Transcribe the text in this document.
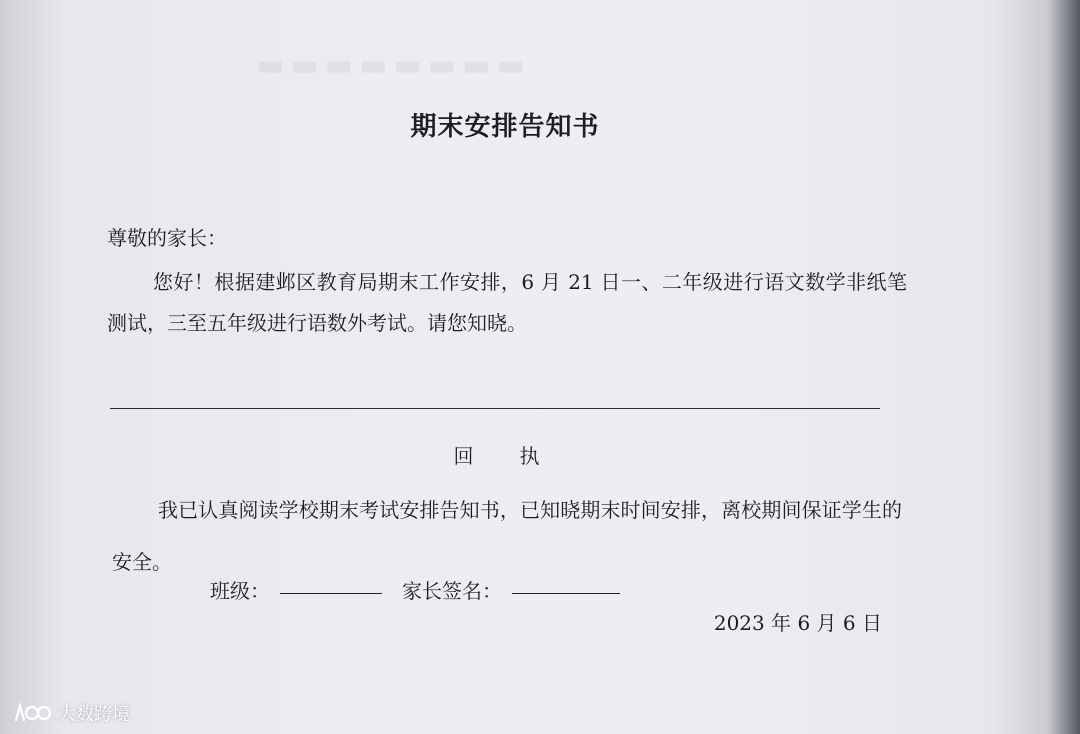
▬▬▬▬▬▬▬▬
期末安排告知书
尊敬的家长：
您好！根据建邺区教育局期末工作安排，6 月 21 日一、二年级进行语文数学非纸笔测试，三至五年级进行语数外考试。请您知晓。
回　　执
我已认真阅读学校期末考试安排告知书，已知晓期末时间安排，离校期间保证学生的安全。
班级：	家长签名：
2023 年 6 月 6 日
大数跨境
